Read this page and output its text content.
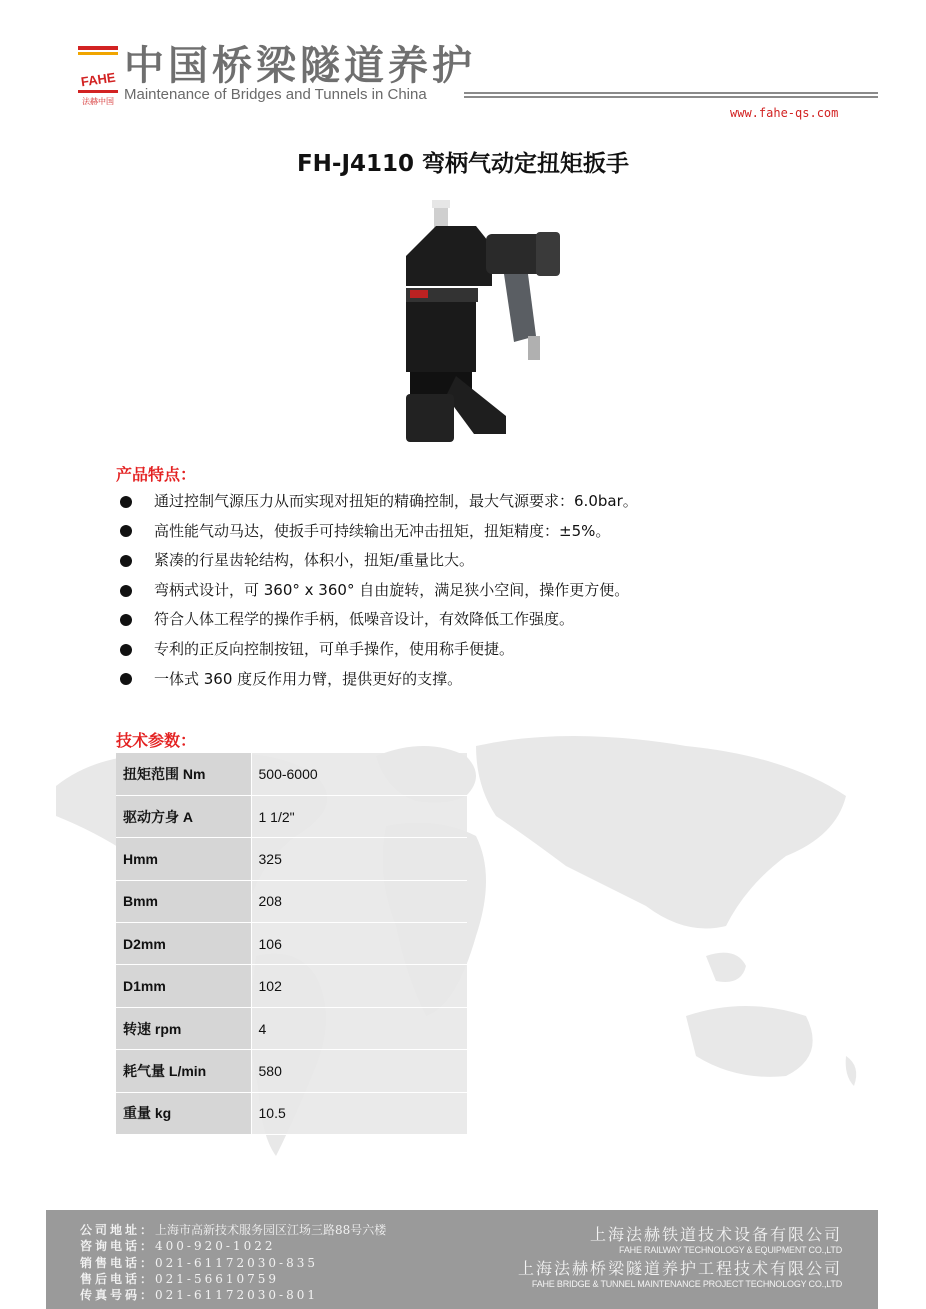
FAHE
法赫中国
中国桥梁隧道养护
Maintenance of Bridges and Tunnels in China
www.fahe-qs.com
FH-J4110 弯柄气动定扭矩扳手
产品特点：
通过控制气源压力从而实现对扭矩的精确控制，最大气源要求：6.0bar。
高性能气动马达，使扳手可持续输出无冲击扭矩，扭矩精度：±5%。
紧凑的行星齿轮结构，体积小，扭矩/重量比大。
弯柄式设计，可 360° x 360° 自由旋转，满足狭小空间，操作更方便。
符合人体工程学的操作手柄，低噪音设计，有效降低工作强度。
专利的正反向控制按钮，可单手操作，使用称手便捷。
一体式 360 度反作用力臂，提供更好的支撑。
技术参数：
扭矩范围 Nm	500-6000
驱动方身 A	1 1/2"
Hmm	325
Bmm	208
D2mm	106
D1mm	102
转速 rpm	4
耗气量 L/min	580
重量 kg	10.5
公司地址：上海市高新技术服务园区江场三路88号六楼
咨询电话：400-920-1022
销售电话：021-61172030-835
售后电话：021-56610759
传真号码：021-61172030-801
上海法赫铁道技术设备有限公司
FAHE RAILWAY TECHNOLOGY & EQUIPMENT CO.,LTD
上海法赫桥梁隧道养护工程技术有限公司
FAHE BRIDGE & TUNNEL MAINTENANCE PROJECT TECHNOLOGY CO.,LTD
